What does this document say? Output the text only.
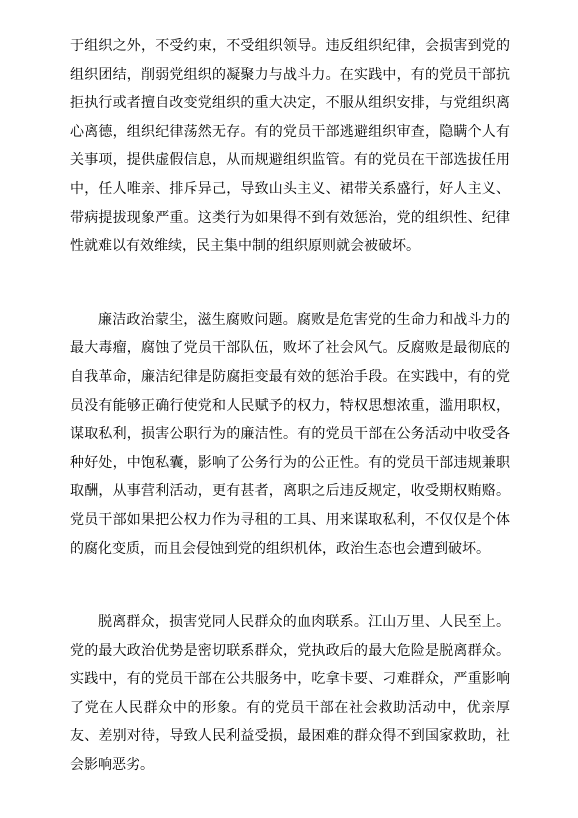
于组织之外，不受约束，不受组织领导。违反组织纪律，会损害到党的组织团结，削弱党组织的凝聚力与战斗力。在实践中，有的党员干部抗拒执行或者擅自改变党组织的重大决定，不服从组织安排，与党组织离心离德，组织纪律荡然无存。有的党员干部逃避组织审查，隐瞒个人有关事项，提供虚假信息，从而规避组织监管。有的党员在干部选拔任用中，任人唯亲、排斥异己，导致山头主义、裙带关系盛行，好人主义、带病提拔现象严重。这类行为如果得不到有效惩治，党的组织性、纪律性就难以有效维续，民主集中制的组织原则就会被破坏。

廉洁政治蒙尘，滋生腐败问题。腐败是危害党的生命力和战斗力的最大毒瘤，腐蚀了党员干部队伍，败坏了社会风气。反腐败是最彻底的自我革命，廉洁纪律是防腐拒变最有效的惩治手段。在实践中，有的党员没有能够正确行使党和人民赋予的权力，特权思想浓重，滥用职权，谋取私利，损害公职行为的廉洁性。有的党员干部在公务活动中收受各种好处，中饱私囊，影响了公务行为的公正性。有的党员干部违规兼职取酬，从事营利活动，更有甚者，离职之后违反规定，收受期权贿赂。党员干部如果把公权力作为寻租的工具、用来谋取私利，不仅仅是个体的腐化变质，而且会侵蚀到党的组织机体，政治生态也会遭到破坏。

脱离群众，损害党同人民群众的血肉联系。江山万里、人民至上。党的最大政治优势是密切联系群众，党执政后的最大危险是脱离群众。实践中，有的党员干部在公共服务中，吃拿卡要、刁难群众，严重影响了党在人民群众中的形象。有的党员干部在社会救助活动中，优亲厚友、差别对待，导致人民利益受损，最困难的群众得不到国家救助，社会影响恶劣。
